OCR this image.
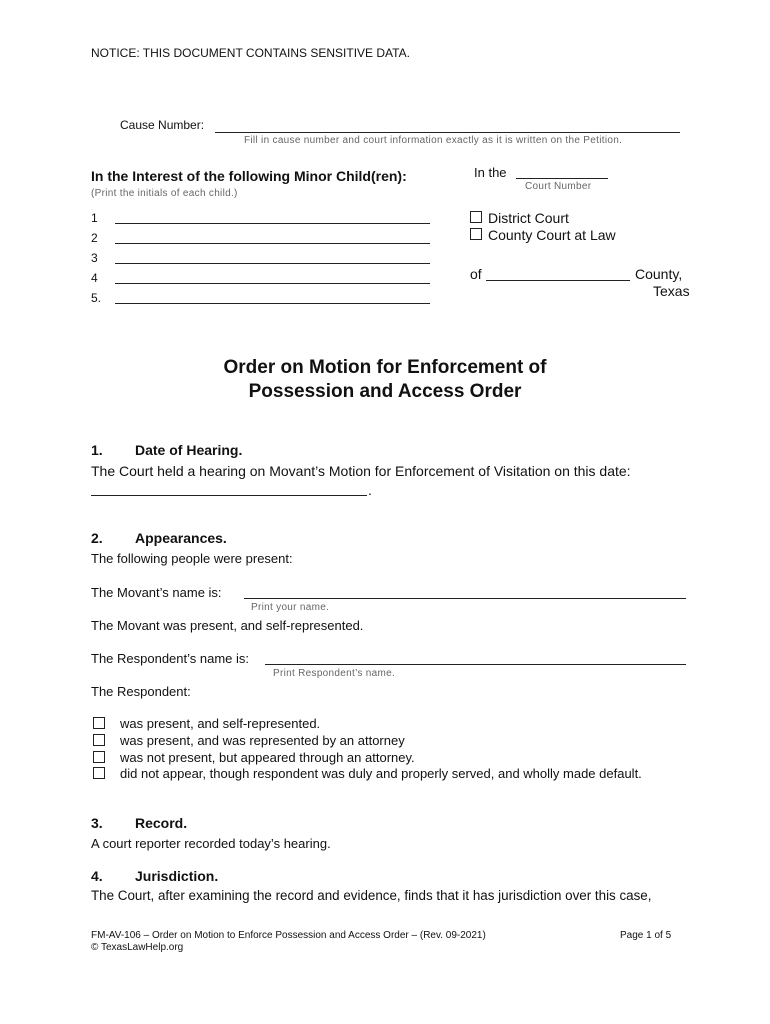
NOTICE: THIS DOCUMENT CONTAINS SENSITIVE DATA.
Cause Number:
Fill in cause number and court information exactly as it is written on the Petition.
In the Interest of the following Minor Child(ren):
(Print the initials of each child.)
1
2
3
4
5.
In the
Court Number
District Court
County Court at Law
of	County,
Texas
Order on Motion for Enforcement of
Possession and Access Order
1. Date of Hearing.
The Court held a hearing on Movant’s Motion for Enforcement of Visitation on this date:
.
2. Appearances.
The following people were present:
The Movant’s name is:
Print your name.
The Movant was present, and self-represented.
The Respondent’s name is:
Print Respondent’s name.
The Respondent:
was present, and self-represented.
was present, and was represented by an attorney
was not present, but appeared through an attorney.
did not appear, though respondent was duly and properly served, and wholly made default.
3. Record.
A court reporter recorded today’s hearing.
4. Jurisdiction.
The Court, after examining the record and evidence, finds that it has jurisdiction over this case,
FM-AV-106 – Order on Motion to Enforce Possession and Access Order – (Rev. 09-2021)
© TexasLawHelp.org
Page 1 of 5
